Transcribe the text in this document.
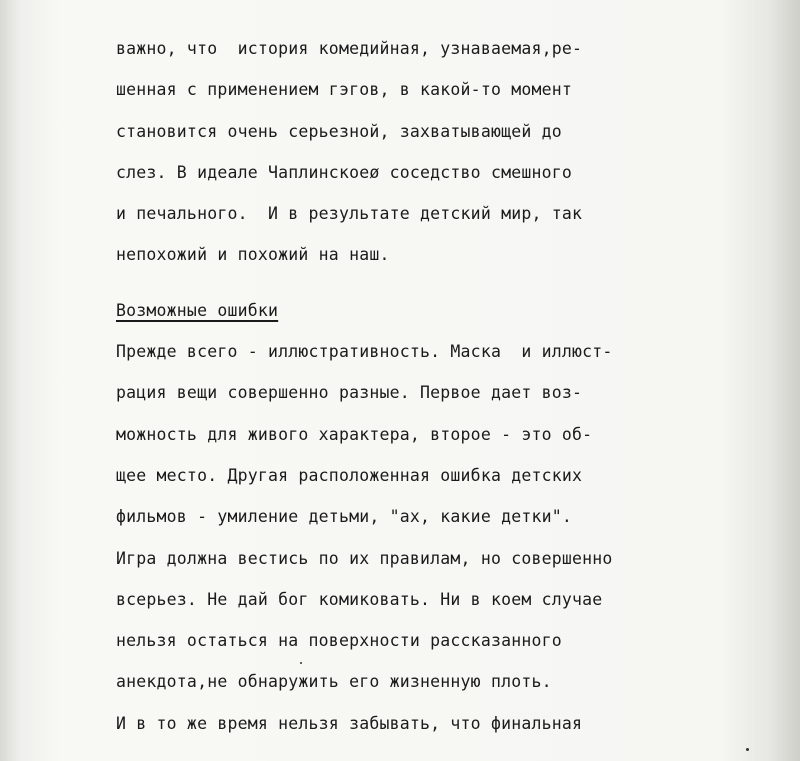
важно, что  история комедийная, узнаваемая,ре-
шенная с применением гэгов, в какой-то момент
становится очень серьезной, захватывающей до
слез. В идеале Чаплинскоеø соседство смешного
и печального.  И в результате детский мир, так
непохожий и похожий на наш.
Возможные ошибки
Прежде всего - иллюстративность. Маска  и иллюст-
рация вещи совершенно разные. Первое дает воз-
можность для живого характера, второе - это об-
щее место. Другая расположенная ошибка детских
фильмов - умиление детьми, "ах, какие детки".
Игра должна вестись по их правилам, но совершенно
всерьез. Не дай бог комиковать. Ни в коем случае
нельзя остаться на поверхности рассказанного
анекдота,не обнаружить его жизненную плоть.
И в то же время нельзя забывать, что финальная
